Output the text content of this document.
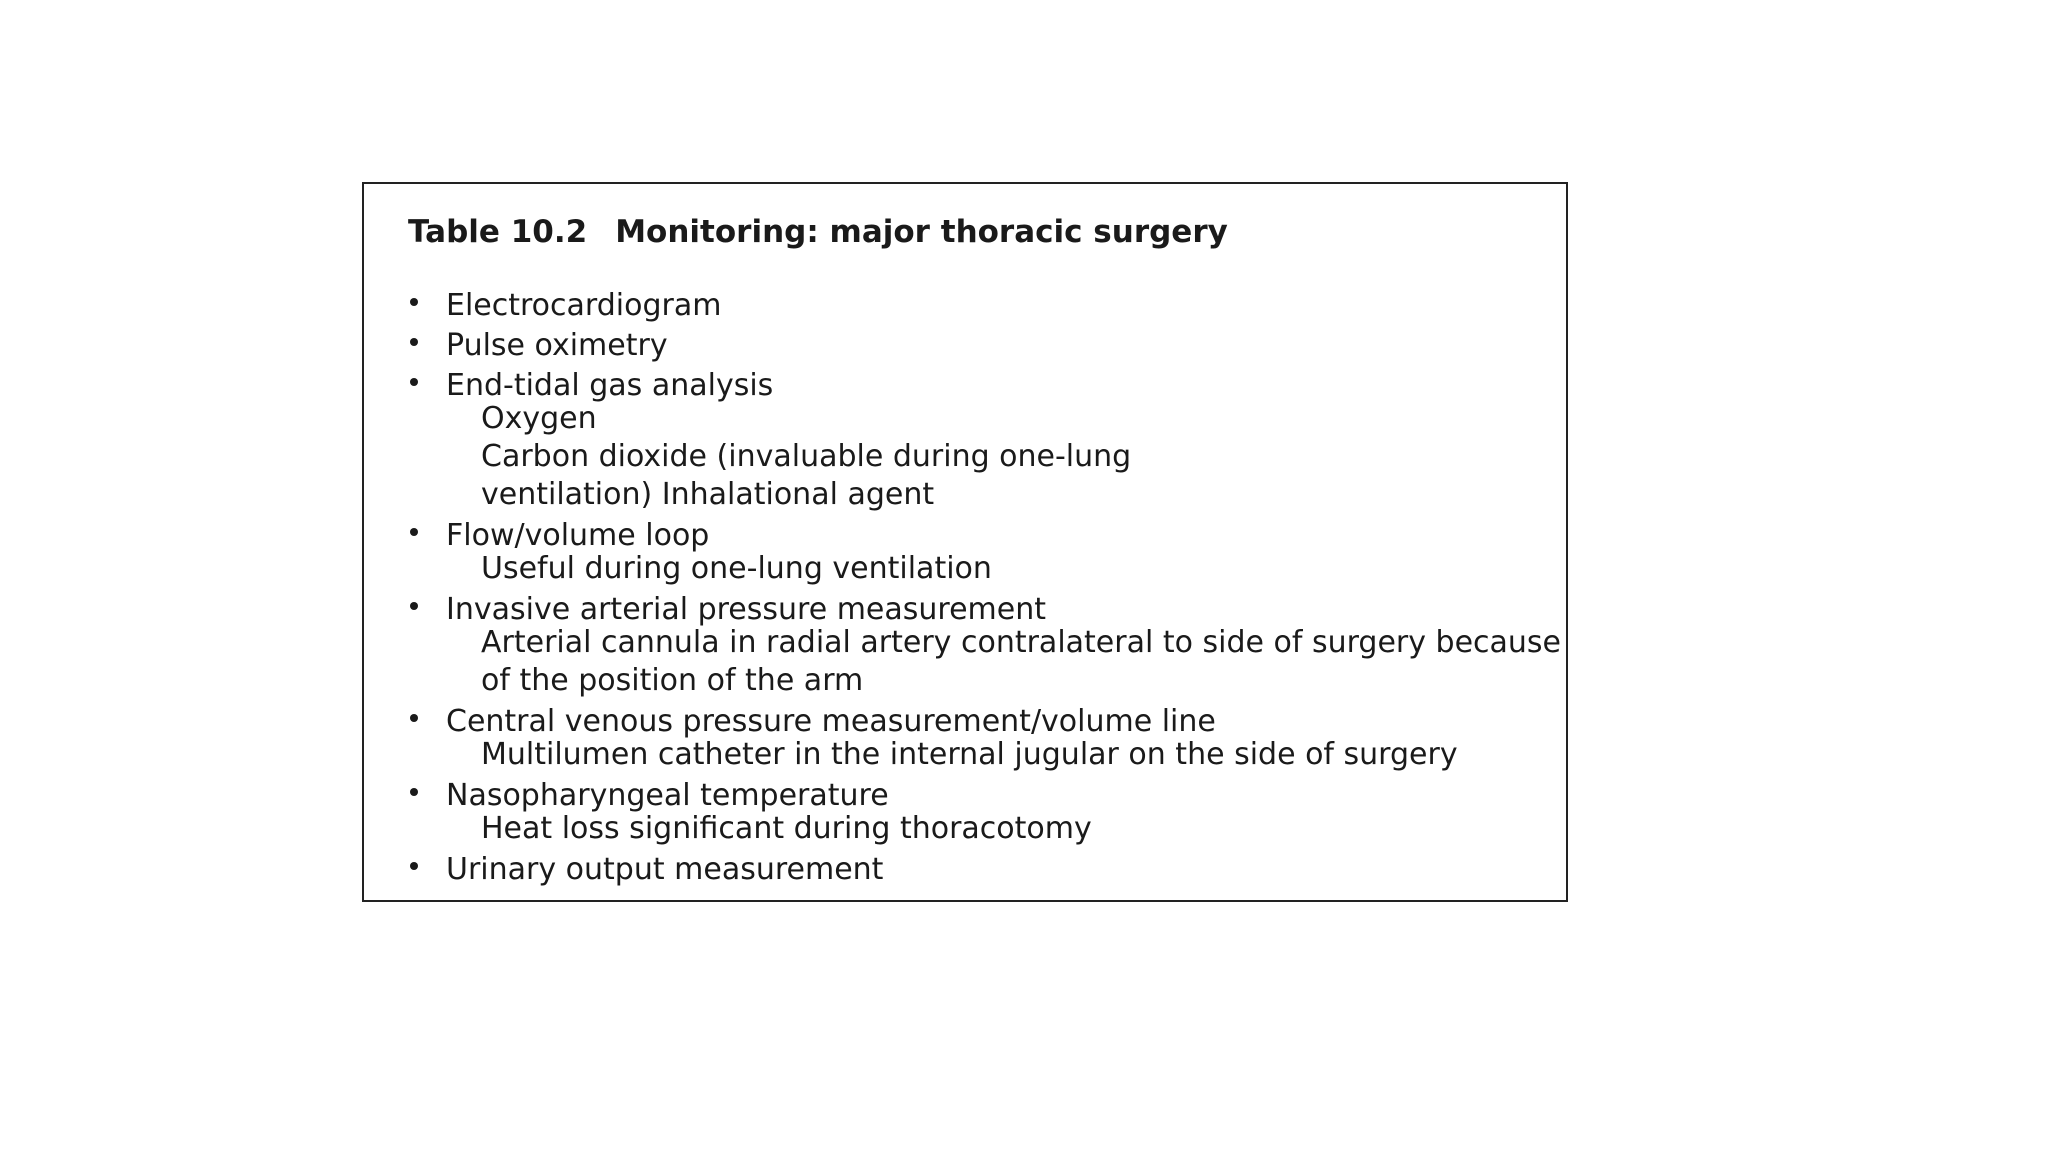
Table 10.2 Monitoring: major thoracic surgery
Electrocardiogram
Pulse oximetry
End-tidal gas analysis
Oxygen
Carbon dioxide (invaluable during one-lung ventilation) Inhalational agent
Flow/volume loop
Useful during one-lung ventilation
Invasive arterial pressure measurement
Arterial cannula in radial artery contralateral to side of surgery because of the position of the arm
Central venous pressure measurement/volume line
Multilumen catheter in the internal jugular on the side of surgery
Nasopharyngeal temperature
Heat loss significant during thoracotomy
Urinary output measurement
